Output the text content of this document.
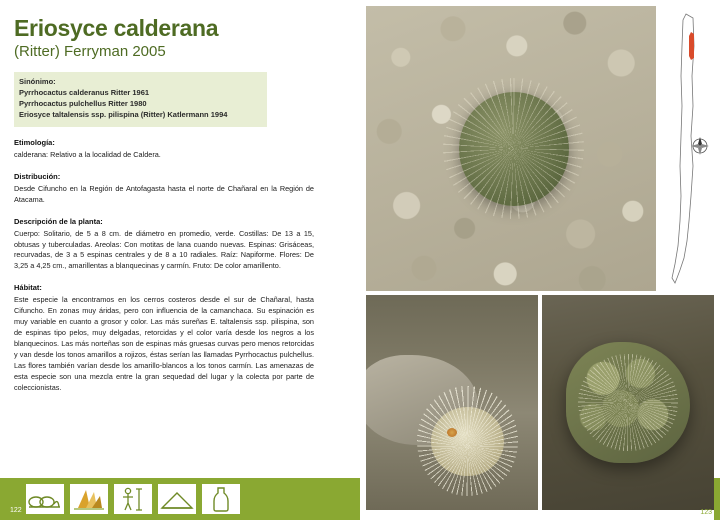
Eriosyce calderana
(Ritter) Ferryman 2005
Sinónimo:
Pyrrhocactus calderanus Ritter 1961
Pyrrhocactus pulchellus Ritter 1980
Eriosyce taltalensis ssp. pilispina (Ritter) Katlermann 1994
Etimología:
calderana: Relativo a la localidad de Caldera.
Distribución:
Desde Cifuncho en la Región de Antofagasta hasta el norte de Chañaral en la Región de Atacama.
Descripción de la planta:
Cuerpo: Solitario, de 5 a 8 cm. de diámetro en promedio, verde. Costillas: De 13 a 15, obtusas y tuberculadas. Areolas: Con motitas de lana cuando nuevas. Espinas: Grisáceas, recurvadas, de 3 a 5 espinas centrales y de 8 a 10 radiales. Raíz: Napiforme. Flores: De 3,25 a 4,25 cm., amarillentas a blanquecinas y carmín. Fruto: De color amarillento.
Hábitat:
Este especie la encontramos en los cerros costeros desde el sur de Chañaral, hasta Cifuncho. En zonas muy áridas, pero con influencia de la camanchaca. Su espinación es muy variable en cuanto a grosor y color. Las más sureñas E. taltalensis ssp. pilispina, son de espinas tipo pelos, muy delgadas, retorcidas y el color varía desde los negros a los blanquecinos. Las más norteñas son de espinas más gruesas curvas pero menos retorcidas y van desde los tonos amarillos a rojizos, éstas serían las llamadas Pyrrhocactus pulchellus. Las flores también varían desde los amarillo-blancos a los tonos carmín. Las amenazas de esta especie son una mezcla entre la gran sequedad del lugar y la colecta por parte de coleccionistas.
122	123
